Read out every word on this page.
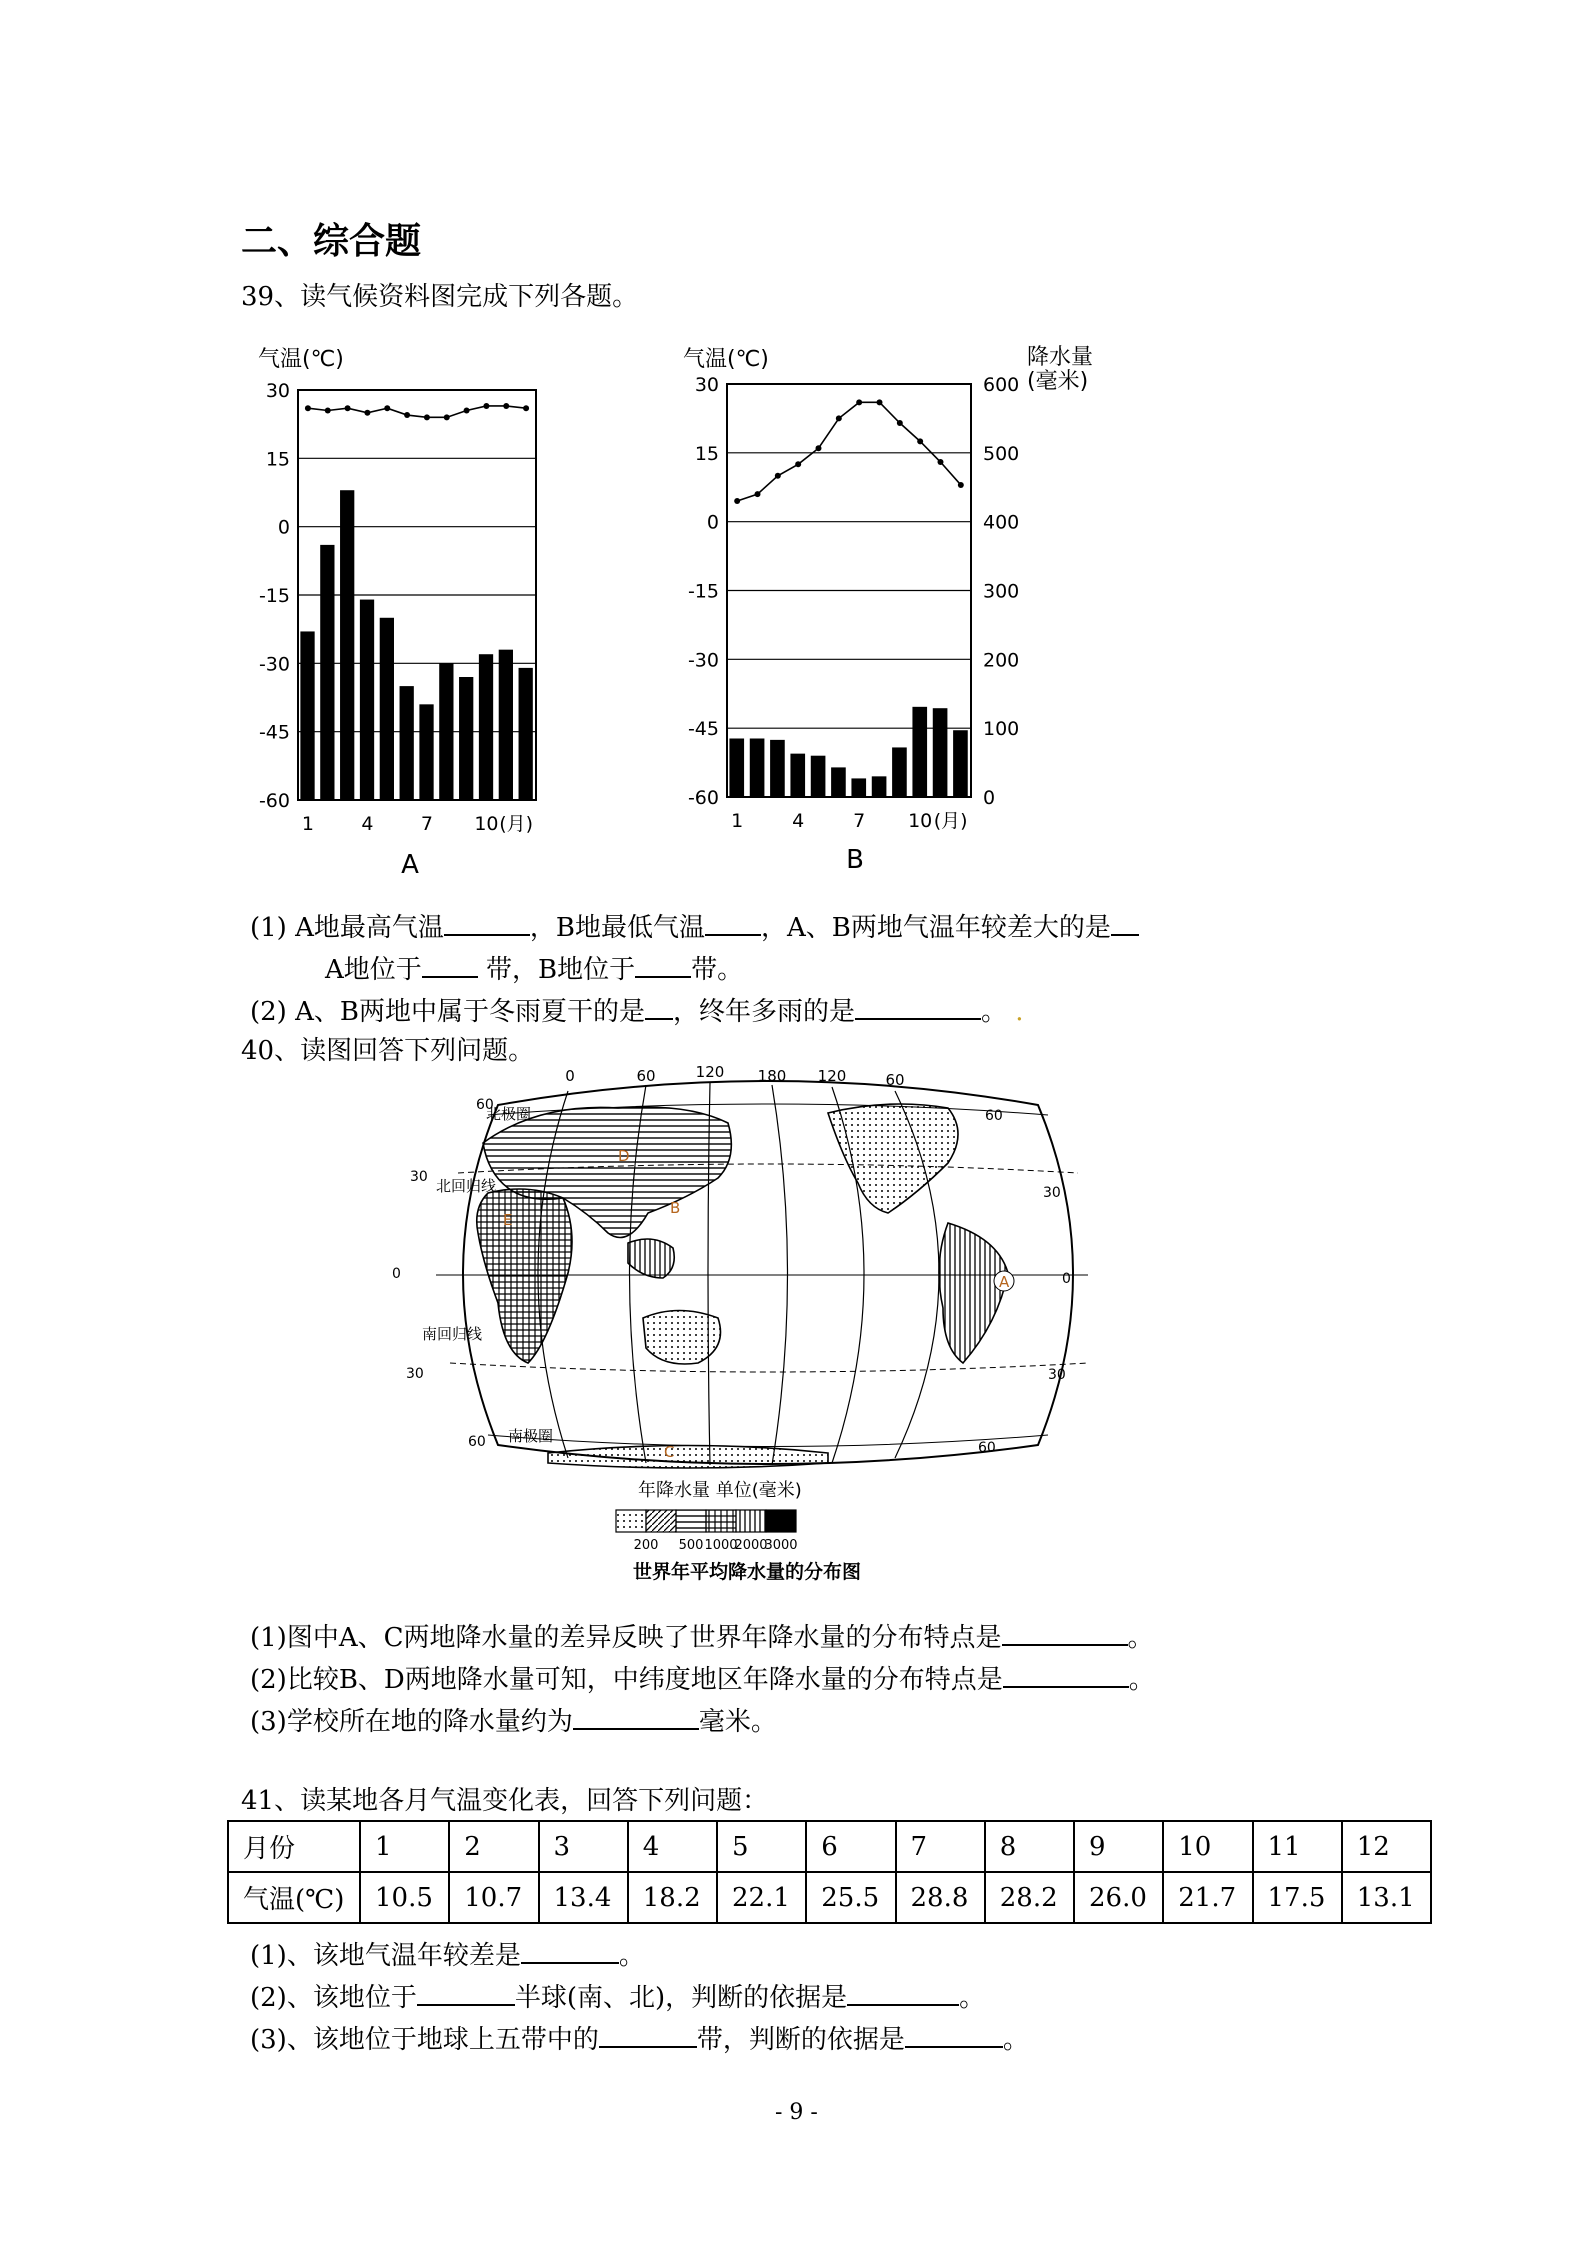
二、综合题
39、读气候资料图完成下列各题。
气温(℃)
30
15
0
-15
-30
-45
-60
1 4 7 10 (月)
A
气温(℃)	降水量
(毫米)
30
15
0
-15
-30
-45
-60
600
500
400
300
200
100
0
1	4	7 10 (月)
B
(1) A地最高气温	，B地最低气温 ，A、B两地气温年较差大的是
A地位于 带，B地位于 带。
(2) A、B两地中属于冬雨夏干的是 ，终年多雨的是	。 .
40、读图回答下列问题。
0	60	120 180 120	60
60
30
0
30
60
60
30
0
30
60
北极圈
北回归线
南回归线
南极圈
A
B
C
D
E
年降水量 单位(毫米)
200 500 1000
2000
3000
世界年平均降水量的分布图
(1)图中A、C两地降水量的差异反映了世界年降水量的分布特点是	。
(2)比较B、D两地降水量可知，中纬度地区年降水量的分布特点是	。
(3)学校所在地的降水量约为	毫米。
41、读某地各月气温变化表，回答下列问题：
月份	1	2	3	4	5	6	7	8	9	10	11	12
气温(℃)	10.5	10.7	13.4	18.2	22.1	25.5	28.8	28.2	26.0	21.7	17.5	13.1
(1)、该地气温年较差是	。
(2)、该地位于	半球(南、北)，判断的依据是	。
(3)、该地位于地球上五带中的	带，判断的依据是	。
- 9 -
